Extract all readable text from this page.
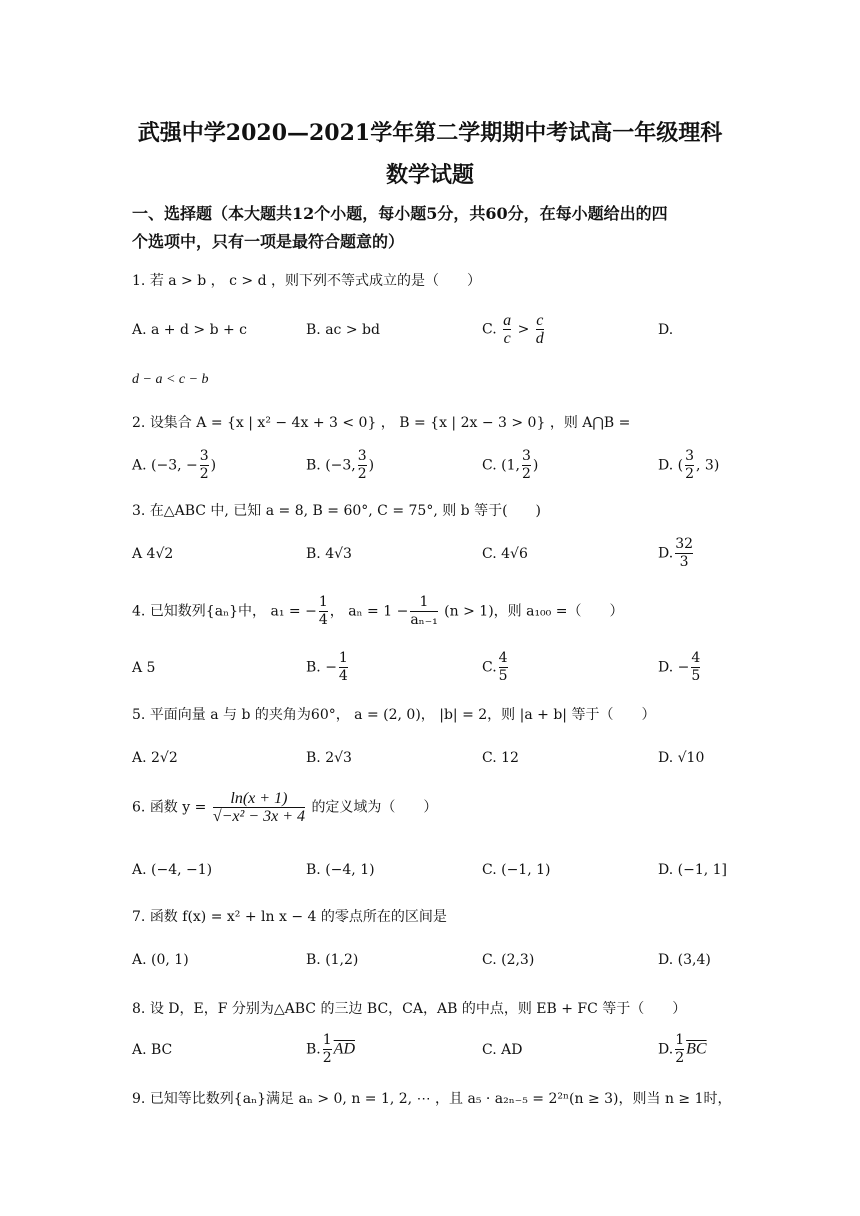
武强中学2020—2021学年第二学期期中考试高一年级理科
数学试题
一、选择题（本大题共12个小题，每小题5分，共60分，在每小题给出的四
个选项中，只有一项是最符合题意的）
1. 若 a > b ， c > d ，则下列不等式成立的是（　　）
A. a + d > b + c	B. ac > bd	C. $\frac{a}{c} > \frac{c}{d}$	D.
d − a < c − b
2. 设集合 A = {x | x² − 4x + 3 < 0} ， B = {x | 2x − 3 > 0} ，则 A⋂B =
A. (−3, − $\frac{3}{2}$ )	B. (−3, $\frac{3}{2}$ )	C. (1, $\frac{3}{2}$ )	D. ( $\frac{3}{2}$ , 3)
3. 在△ABC 中, 已知 a = 8, B = 60°, C = 75°, 则 b 等于(　　)
A 4√2	B. 4√3	C. 4√6	D. $\frac{32}{3}$
4. 已知数列{aₙ}中， a₁ = − $\frac{1}{4}$ ， $a_n = 1 - \frac{1}{\text{aₙ₋₁}} (n > 1)$，则 a₁₀₀ =（　　）
A 5	B. − $\frac{1}{4}$	C. $\frac{4}{5}$	D. − $\frac{4}{5}$
5. 平面向量 a 与 b 的夹角为60°， a = (2, 0)， |b| = 2，则 |a + b| 等于（　　）
A. 2√2	B. 2√3	C. 12	D. √10
6. 函数 $y = \frac{\ln(x + 1)}{\text{√−x² − 3x + 4}}$ 的定义域为（　　）
A. (−4, −1)	B. (−4, 1)	C. (−1, 1)	D. (−1, 1]
7. 函数 f(x) = x² + ln x − 4 的零点所在的区间是
A. (0, 1)	B. (1,2)	C. (2,3)	D. (3,4)
8. 设 D，E，F 分别为△ABC 的三边 BC，CA，AB 的中点，则 EB + FC 等于（　　）
A. BC	B. $\frac{1}{2} \overline{AD}$	C. AD	D. $\frac{1}{2} \overline{BC}$
9. 已知等比数列{aₙ}满足 aₙ > 0, n = 1, 2, ⋯ ，且 a₅ · a₂ₙ₋₅ = 2²ⁿ(n ≥ 3)，则当 n ≥ 1时，
